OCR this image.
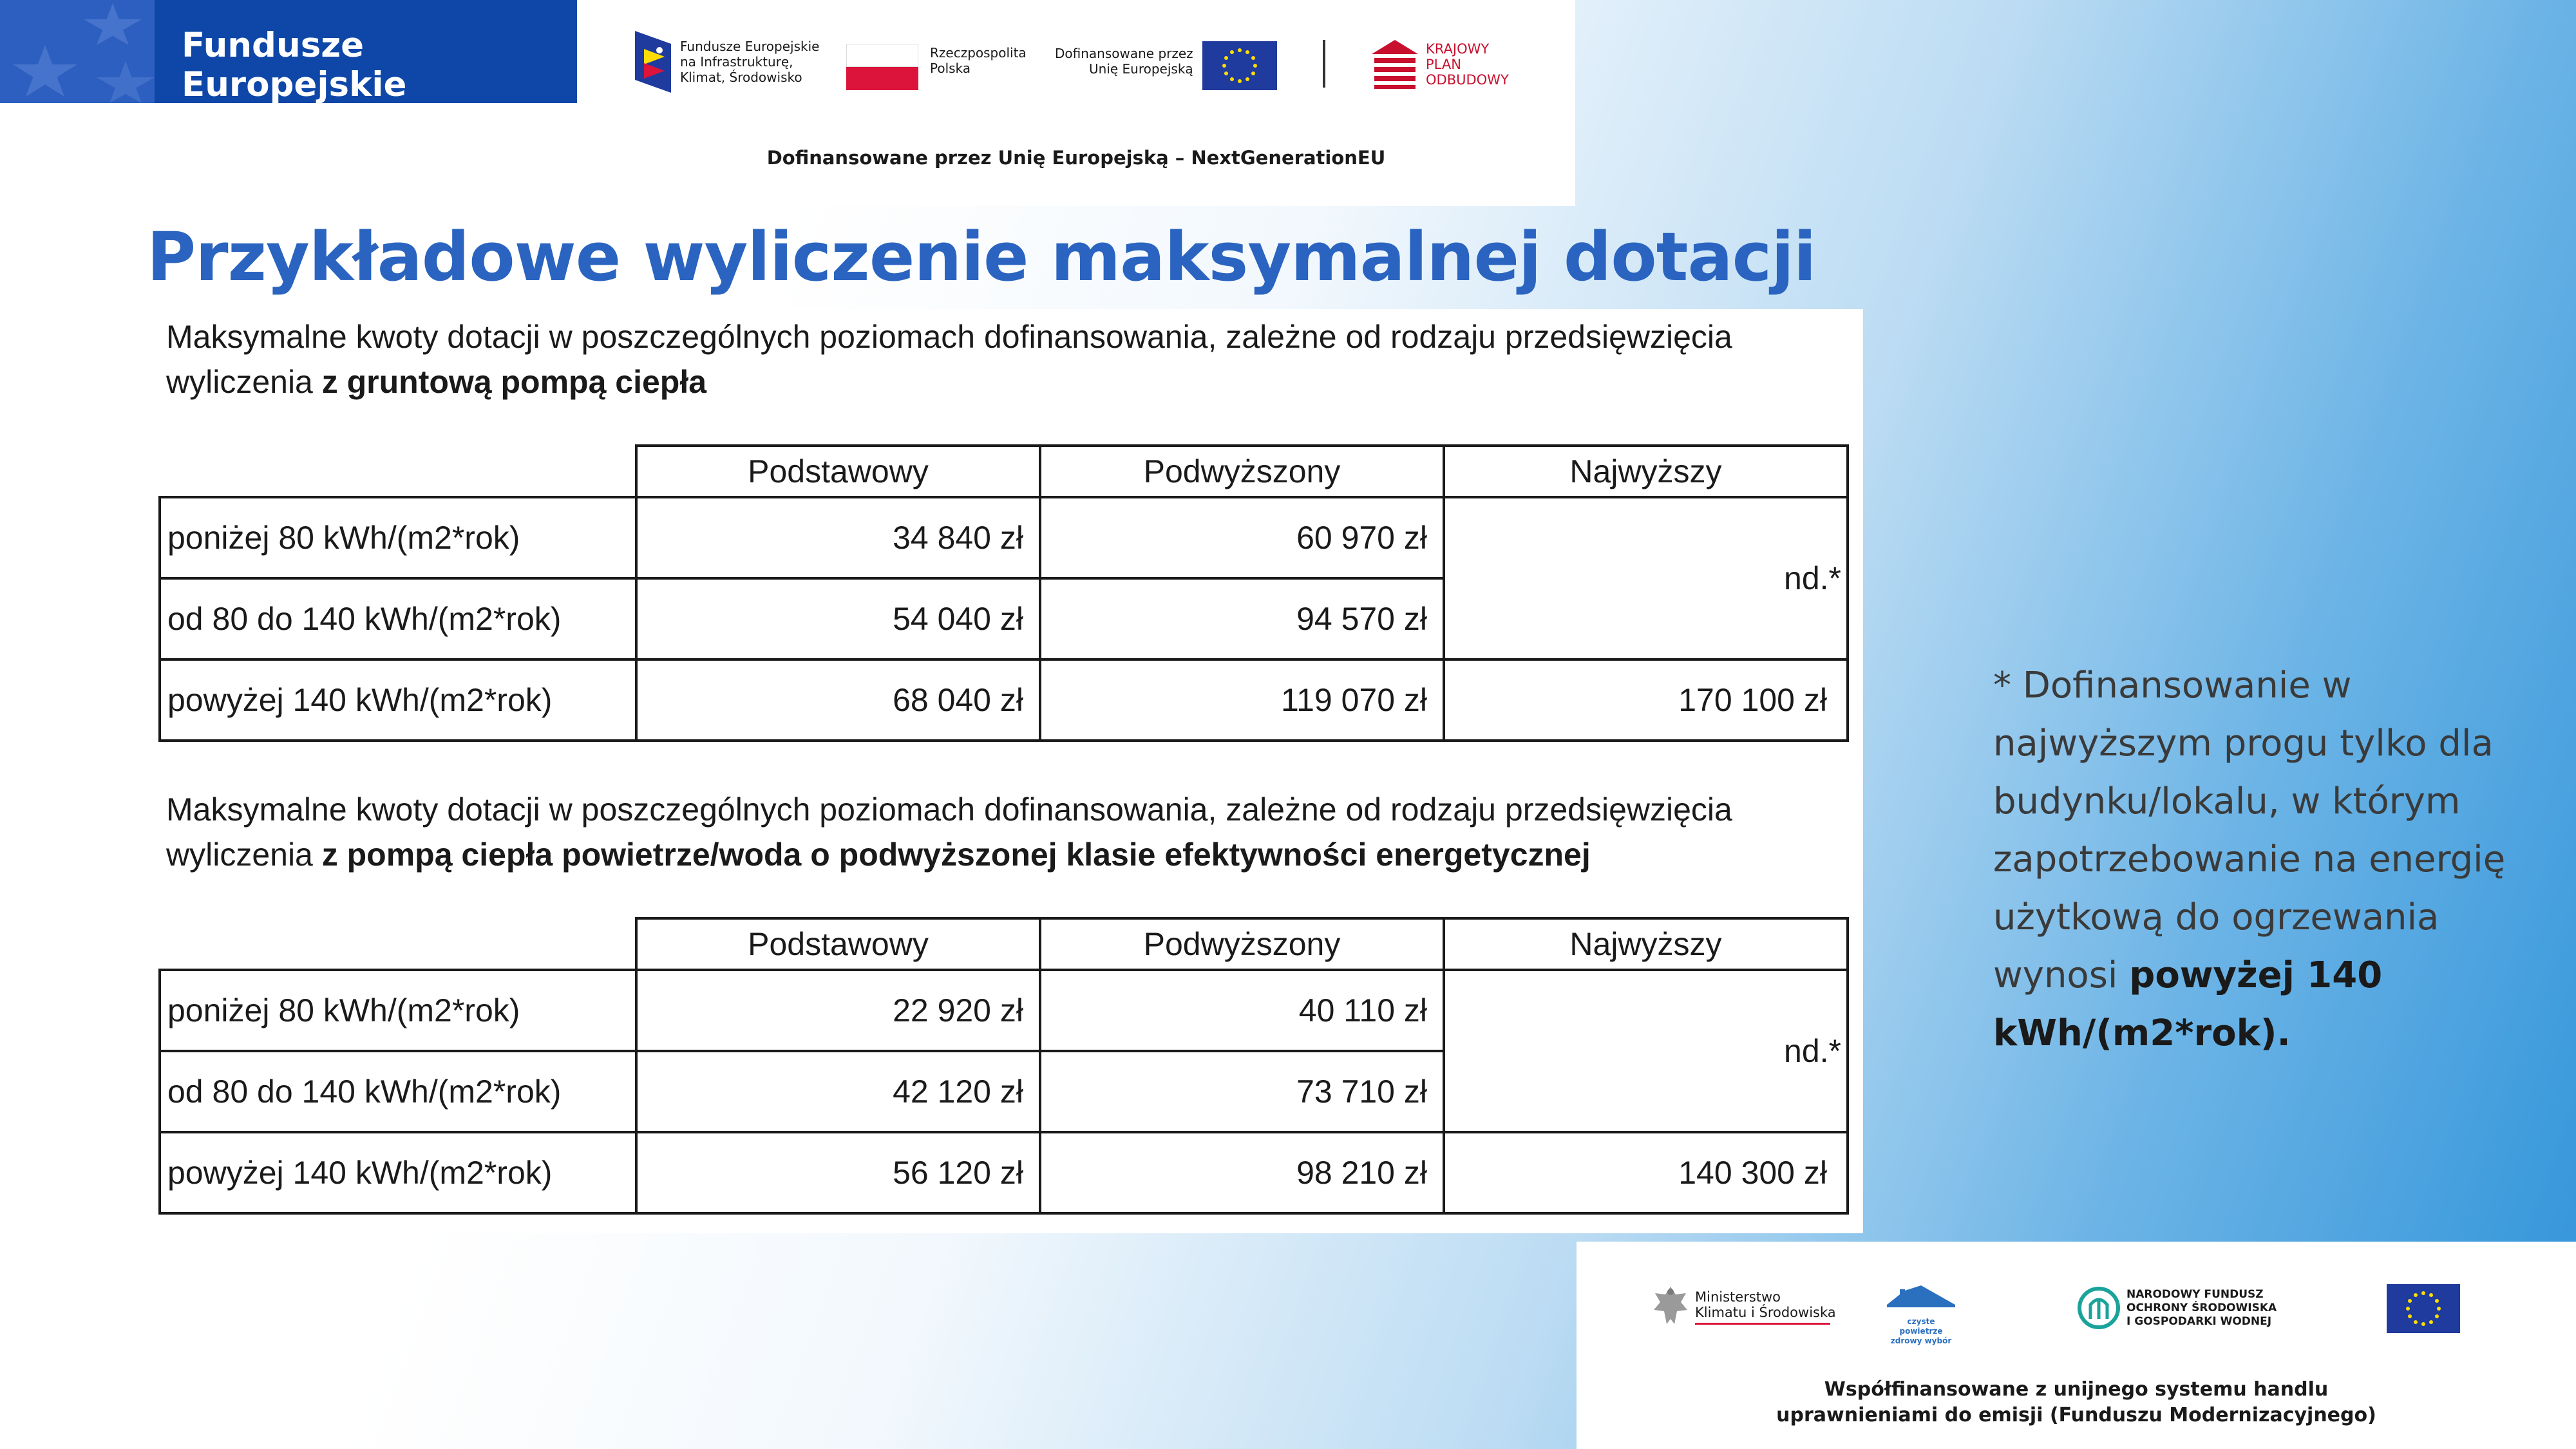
Fundusze Europejskie
Fundusze Europejskie
na Infrastrukturę,
Klimat, Środowisko
Rzeczpospolita
Polska
Dofinansowane przez
Unię Europejską
KRAJOWY
PLAN
ODBUDOWY
Dofinansowane przez Unię Europejską – NextGenerationEU
Przykładowe wyliczenie maksymalnej dotacji
Maksymalne kwoty dotacji w poszczególnych poziomach dofinansowania, zależne od rodzaju przedsięwzięcia wyliczenia z gruntową pompą ciepła
	Podstawowy	Podwyższony	Najwyższy
poniżej 80 kWh/(m2*rok)	34 840 zł	60 970 zł	nd.*
od 80 do 140 kWh/(m2*rok)	54 040 zł	94 570 zł	
powyżej 140 kWh/(m2*rok)	68 040 zł	119 070 zł	170 100 zł
Maksymalne kwoty dotacji w poszczególnych poziomach dofinansowania, zależne od rodzaju przedsięwzięcia wyliczenia z pompą ciepła powietrze/woda o podwyższonej klasie efektywności energetycznej
	Podstawowy	Podwyższony	Najwyższy
poniżej 80 kWh/(m2*rok)	22 920 zł	40 110 zł	nd.*
od 80 do 140 kWh/(m2*rok)	42 120 zł	73 710 zł	
powyżej 140 kWh/(m2*rok)	56 120 zł	98 210 zł	140 300 zł
* Dofinansowanie w najwyższym progu tylko dla budynku/lokalu, w którym zapotrzebowanie na energię użytkową do ogrzewania wynosi powyżej 140 kWh/(m2*rok).
Ministerstwo
Klimatu i Środowiska
czyste powietrze
zdrowy wybór
NARODOWY FUNDUSZ
OCHRONY ŚRODOWISKA
I GOSPODARKI WODNEJ
Współfinansowane z unijnego systemu handlu
uprawnieniami do emisji (Funduszu Modernizacyjnego)
